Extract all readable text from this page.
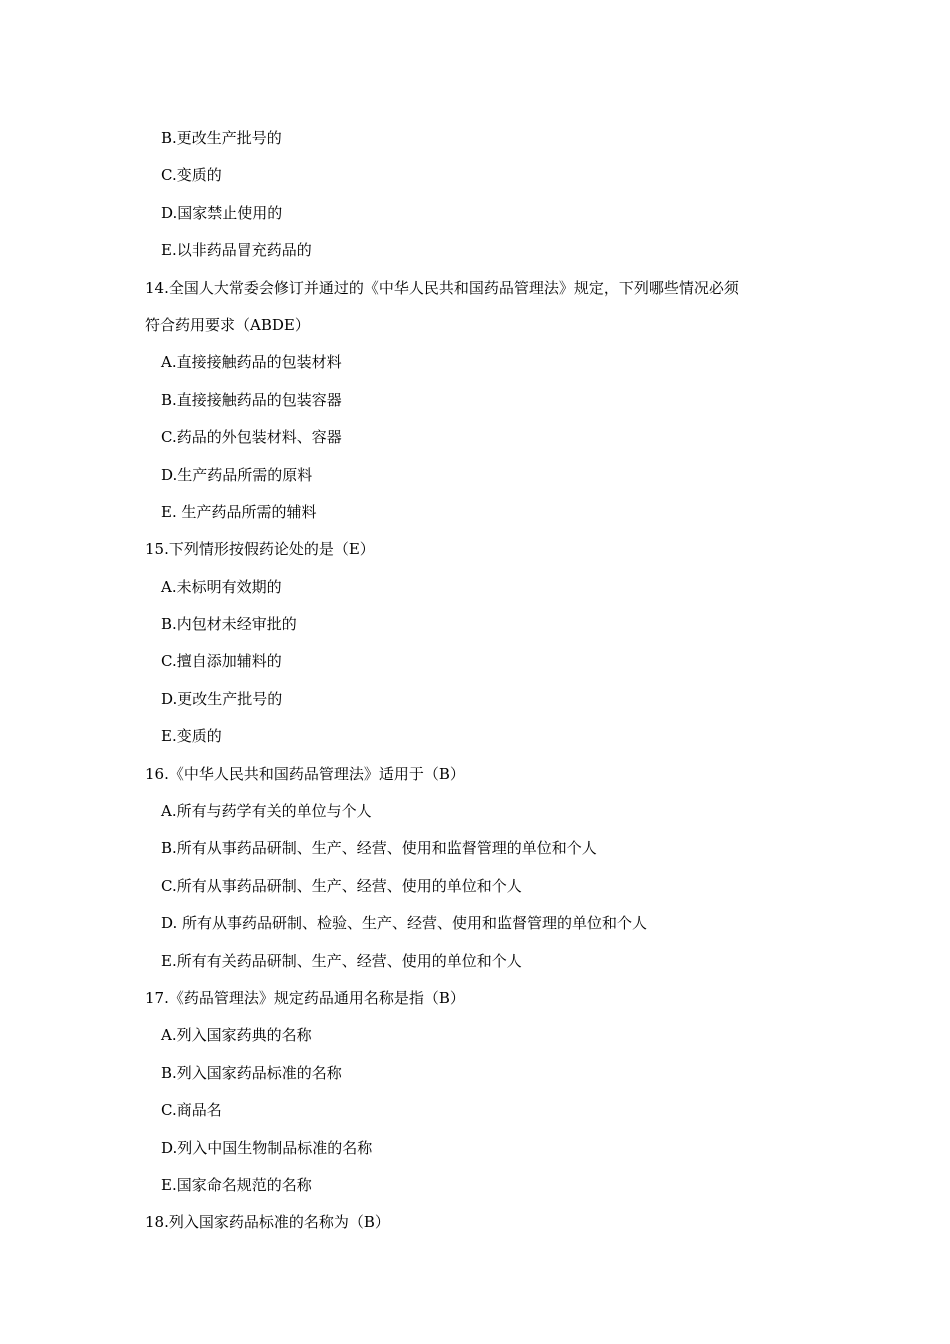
B.更改生产批号的
C.变质的
D.国家禁止使用的
E.以非药品冒充药品的
14.全国人大常委会修订并通过的《中华人民共和国药品管理法》规定，下列哪些情况必须
符合药用要求（ABDE）
A.直接接触药品的包装材料
B.直接接触药品的包装容器
C.药品的外包装材料、容器
D.生产药品所需的原料
E. 生产药品所需的辅料
15.下列情形按假药论处的是（E）
A.未标明有效期的
B.内包材未经审批的
C.擅自添加辅料的
D.更改生产批号的
E.变质的
16.《中华人民共和国药品管理法》适用于（B）
A.所有与药学有关的单位与个人
B.所有从事药品研制、生产、经营、使用和监督管理的单位和个人
C.所有从事药品研制、生产、经营、使用的单位和个人
D. 所有从事药品研制、检验、生产、经营、使用和监督管理的单位和个人
E.所有有关药品研制、生产、经营、使用的单位和个人
17.《药品管理法》规定药品通用名称是指（B）
A.列入国家药典的名称
B.列入国家药品标准的名称
C.商品名
D.列入中国生物制品标准的名称
E.国家命名规范的名称
18.列入国家药品标准的名称为（B）
